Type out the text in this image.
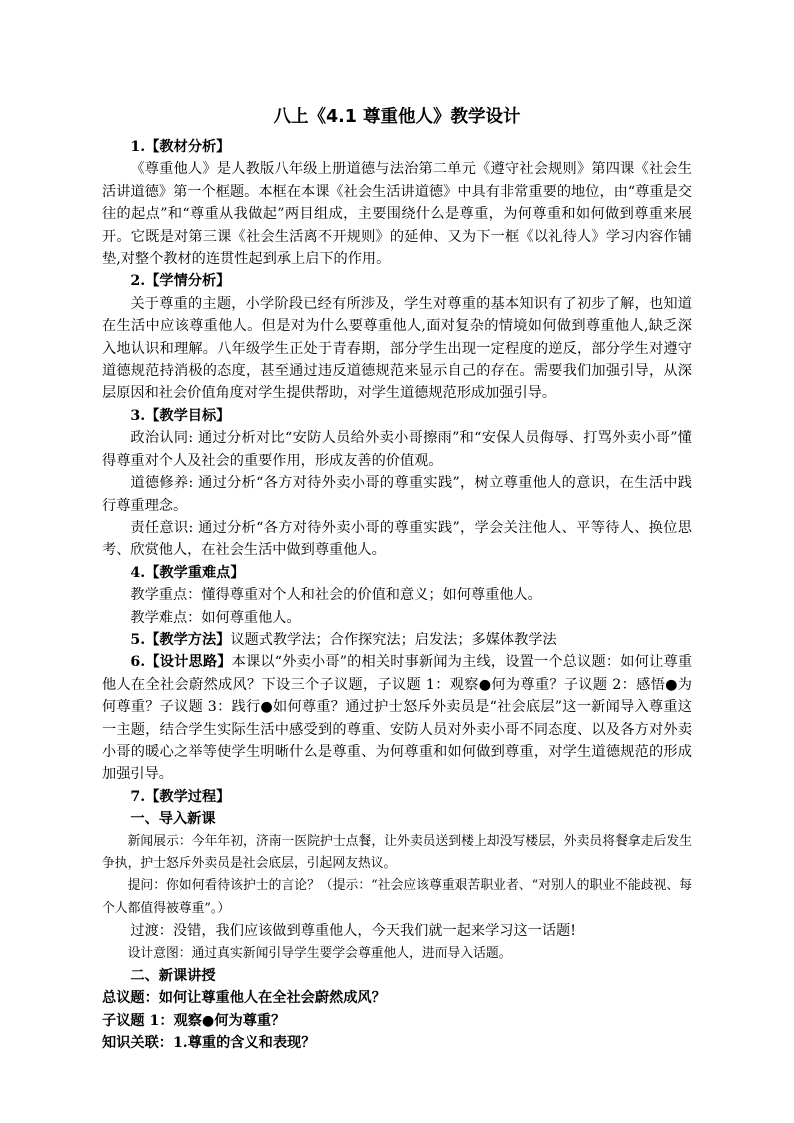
八上《4.1 尊重他人》教学设计

1.【教材分析】

《尊重他人》是人教版八年级上册道德与法治第二单元《遵守社会规则》第四课《社会生活讲道德》第一个框题。本框在本课《社会生活讲道德》中具有非常重要的地位，由“尊重是交往的起点”和“尊重从我做起”两目组成，主要围绕什么是尊重，为何尊重和如何做到尊重来展开。它既是对第三课《社会生活离不开规则》的延伸、又为下一框《以礼待人》学习内容作铺垫,对整个教材的连贯性起到承上启下的作用。

2.【学情分析】

关于尊重的主题，小学阶段已经有所涉及，学生对尊重的基本知识有了初步了解，也知道在生活中应该尊重他人。但是对为什么要尊重他人,面对复杂的情境如何做到尊重他人,缺乏深入地认识和理解。八年级学生正处于青春期，部分学生出现一定程度的逆反，部分学生对遵守道德规范持消极的态度，甚至通过违反道德规范来显示自己的存在。需要我们加强引导，从深层原因和社会价值角度对学生提供帮助，对学生道德规范形成加强引导。

3.【教学目标】

政治认同: 通过分析对比“安防人员给外卖小哥擦雨”和“安保人员侮辱、打骂外卖小哥”懂得尊重对个人及社会的重要作用，形成友善的价值观。

道德修养: 通过分析“各方对待外卖小哥的尊重实践”，树立尊重他人的意识，在生活中践行尊重理念。

责任意识: 通过分析“各方对待外卖小哥的尊重实践”，学会关注他人、平等待人、换位思考、欣赏他人，在社会生活中做到尊重他人。

4.【教学重难点】

教学重点：懂得尊重对个人和社会的价值和意义；如何尊重他人。

教学难点：如何尊重他人。

5.【教学方法】议题式教学法；合作探究法；启发法；多媒体教学法

6.【设计思路】本课以“外卖小哥”的相关时事新闻为主线，设置一个总议题：如何让尊重他人在全社会蔚然成风？下设三个子议题，子议题 1：观察●何为尊重？子议题 2：感悟●为何尊重？子议题 3：践行●如何尊重？通过护士怒斥外卖员是“社会底层”这一新闻导入尊重这一主题，结合学生实际生活中感受到的尊重、安防人员对外卖小哥不同态度、以及各方对外卖小哥的暖心之举等使学生明晰什么是尊重、为何尊重和如何做到尊重，对学生道德规范的形成加强引导。

7.【教学过程】

一、导入新课

新闻展示：今年年初，济南一医院护士点餐，让外卖员送到楼上却没写楼层，外卖员将餐拿走后发生争执，护士怒斥外卖员是社会底层，引起网友热议。

提问：你如何看待该护士的言论？（提示：“社会应该尊重艰苦职业者、“对别人的职业不能歧视、每个人都值得被尊重”。）

过渡：没错，我们应该做到尊重他人，今天我们就一起来学习这一话题!

设计意图：通过真实新闻引导学生要学会尊重他人，进而导入话题。

二、新课讲授

总议题：如何让尊重他人在全社会蔚然成风？

子议题 1：观察●何为尊重？

知识关联：1.尊重的含义和表现？
